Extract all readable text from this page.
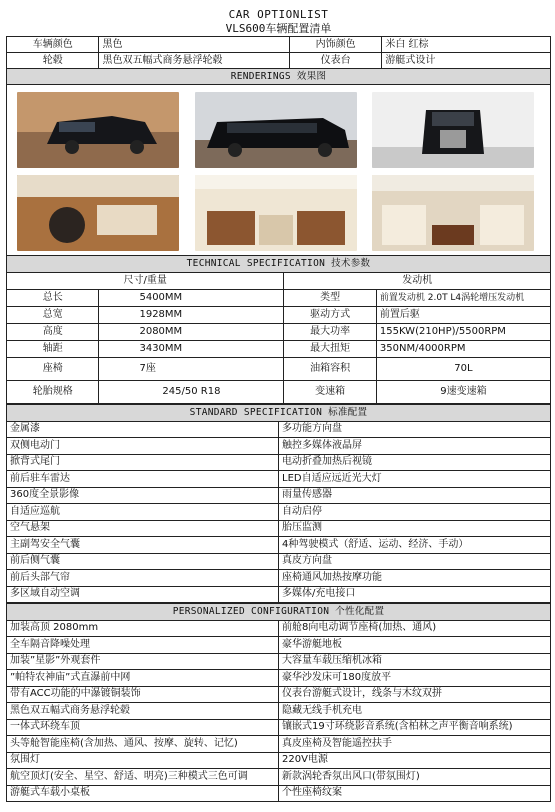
CAR OPTIONLIST
VLS600车辆配置清单
车辆颜色	黑色	内饰颜色	米白 红棕
轮毂	黑色双五幅式商务悬浮轮毂	仪表台	游艇式设计
RENDERINGS 效果图			
TECHNICAL SPECIFICATION 技术参数			
尺寸/重量		发动机	
总长	5400MM	类型	前置发动机 2.0T L4涡轮增压发动机
总宽	1928MM	驱动方式	前置后驱
高度	2080MM	最大功率	155KW(210HP)/5500RPM
轴距	3430MM	最大扭矩	350NM/4000RPM
座椅	7座	油箱容积	70L
轮胎规格	245/50 R18	变速箱	9速变速箱
STANDARD SPECIFICATION 标准配置	
金属漆	多功能方向盘
双侧电动门	触控多媒体液晶屏
掀背式尾门	电动折叠加热后视镜
前后驻车雷达	LED自适应远近光大灯
360度全景影像	雨量传感器
自适应巡航	自动启停
空气悬架	胎压监测
主副驾安全气囊	4种驾驶模式（舒适、运动、经济、手动）
前后侧气囊	真皮方向盘
前后头部气帘	座椅通风加热按摩功能
多区域自动空调	多媒体/充电接口
PERSONALIZED CONFIGURATION 个性化配置	
加装高顶 2080mm	前舱8向电动调节座椅(加热、通风)
全车隔音降噪处理	豪华游艇地板
加装”星影”外观套件	大容量车载压缩机冰箱
”帕特农神庙”式直瀑前中网	豪华沙发床可180度放平
带有ACC功能的中瀑镀铜装饰	仪表台游艇式设计，线条与木纹双拼
黑色双五幅式商务悬浮轮毂	隐藏无线手机充电
一体式环绕车顶	镶嵌式19寸环绕影音系统(含柏林之声平衡音响系统)
头等舱智能座椅(含加热、通风、按摩、旋转、记忆)	真皮座椅及智能遥控扶手
氛围灯	220V电源
航空顶灯(安全、星空、舒适、明亮)三种模式三色可调	新款涡轮香氛出风口(带氛围灯)
游艇式车载小桌板	个性座椅纹案
